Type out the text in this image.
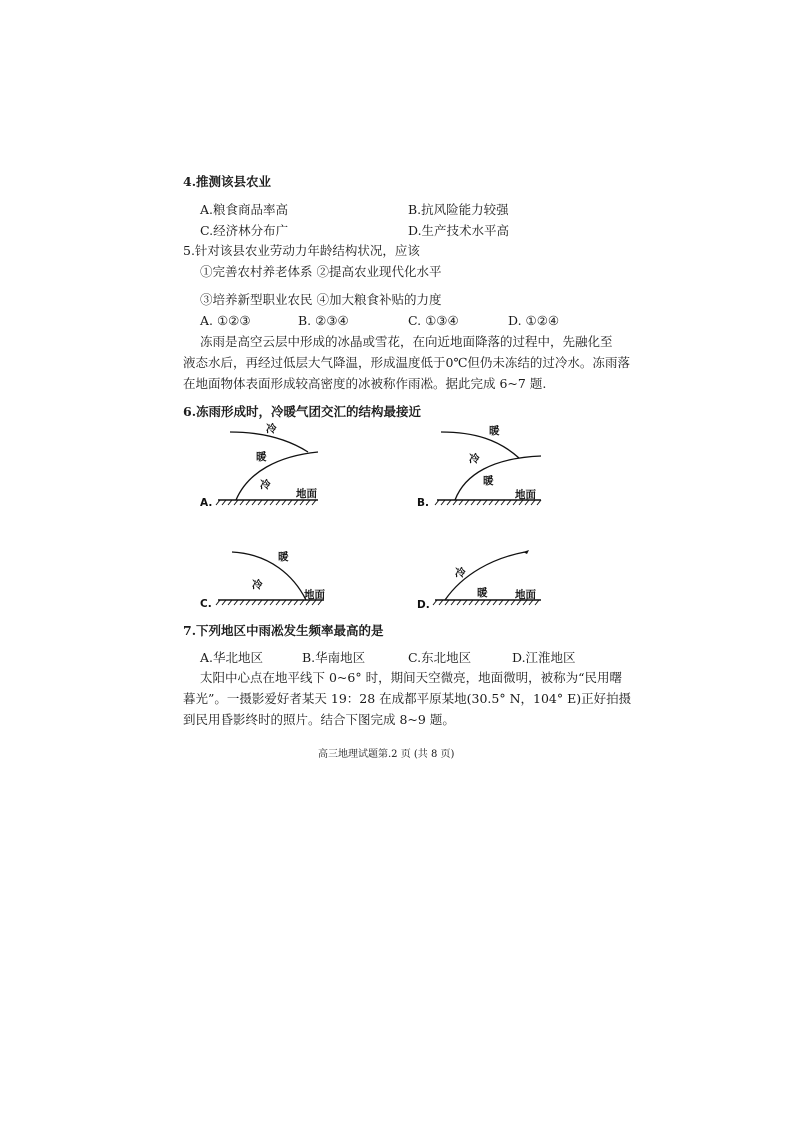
4.推测该县农业
A.粮食商品率高	B.抗风险能力较强
C.经济林分布广	D.生产技术水平高
5.针对该县农业劳动力年龄结构状况，应该
①完善农村养老体系 ②提高农业现代化水平
③培养新型职业农民 ④加大粮食补贴的力度
A. ①②③	B. ②③④	C. ①③④	D. ①②④
冻雨是高空云层中形成的冰晶或雪花，在向近地面降落的过程中，先融化至
液态水后，再经过低层大气降温，形成温度低于0℃但仍未冻结的过冷水。冻雨落
在地面物体表面形成较高密度的冰被称作雨凇。据此完成 6~7 题.
6.冻雨形成时，冷暖气团交汇的结构最接近
A.
冷
暖
冷
地面
B.
暖
冷
暖
地面
C.
暖
冷
地面
D.
冷
暖	地面
7.下列地区中雨凇发生频率最高的是
A.华北地区	B.华南地区	C.东北地区	D.江淮地区
太阳中心点在地平线下 0~6° 时，期间天空微亮，地面微明，被称为“民用曙
暮光”。一摄影爱好者某天 19：28 在成都平原某地(30.5° N，104° E)正好拍摄
到民用昏影终时的照片。结合下图完成 8~9 题。
高三地理试题第.2 页 (共 8 页)
